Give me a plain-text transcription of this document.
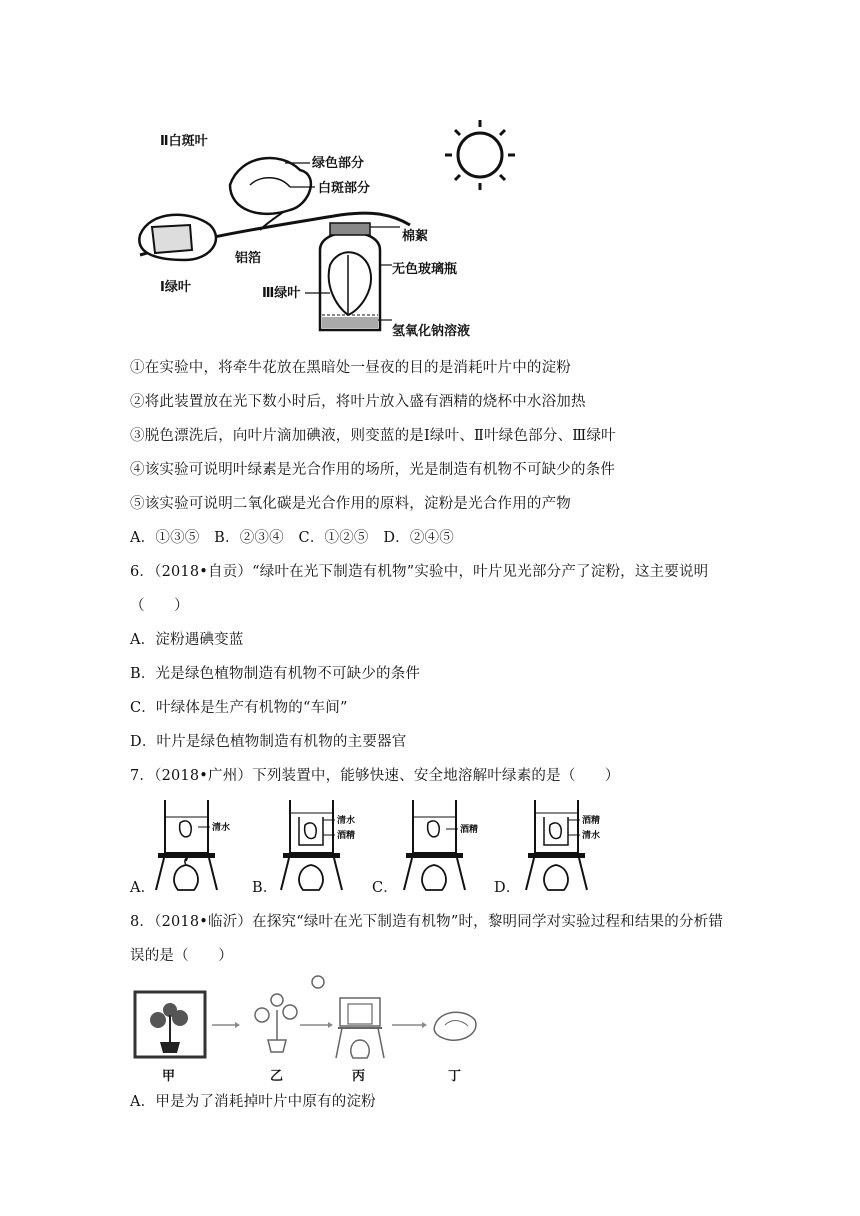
Ⅱ白斑叶
绿色部分
白斑部分
棉絮
铝箔
无色玻璃瓶
Ⅰ绿叶	Ⅲ绿叶
氢氧化钠溶液
①在实验中，将牵牛花放在黑暗处一昼夜的目的是消耗叶片中的淀粉
②将此装置放在光下数小时后，将叶片放入盛有酒精的烧杯中水浴加热
③脱色漂洗后，向叶片滴加碘液，则变蓝的是Ⅰ绿叶、Ⅱ叶绿色部分、Ⅲ绿叶
④该实验可说明叶绿素是光合作用的场所，光是制造有机物不可缺少的条件
⑤该实验可说明二氧化碳是光合作用的原料，淀粉是光合作用的产物
A．①③⑤　B．②③④　C．①②⑤　D．②④⑤
6．（2018•自贡）“绿叶在光下制造有机物”实验中，叶片见光部分产了淀粉，这主要说明
（　　）
A．淀粉遇碘变蓝
B．光是绿色植物制造有机物不可缺少的条件
C．叶绿体是生产有机物的“车间”
D．叶片是绿色植物制造有机物的主要器官
7．（2018•广州）下列装置中，能够快速、安全地溶解叶绿素的是（　　）
A．
清水
B．
清水
酒精
C．
酒精
D．
酒精
清水
8．（2018•临沂）在探究“绿叶在光下制造有机物”时，黎明同学对实验过程和结果的分析错
误的是（　　）
甲	乙	丙	丁
A．甲是为了消耗掉叶片中原有的淀粉
